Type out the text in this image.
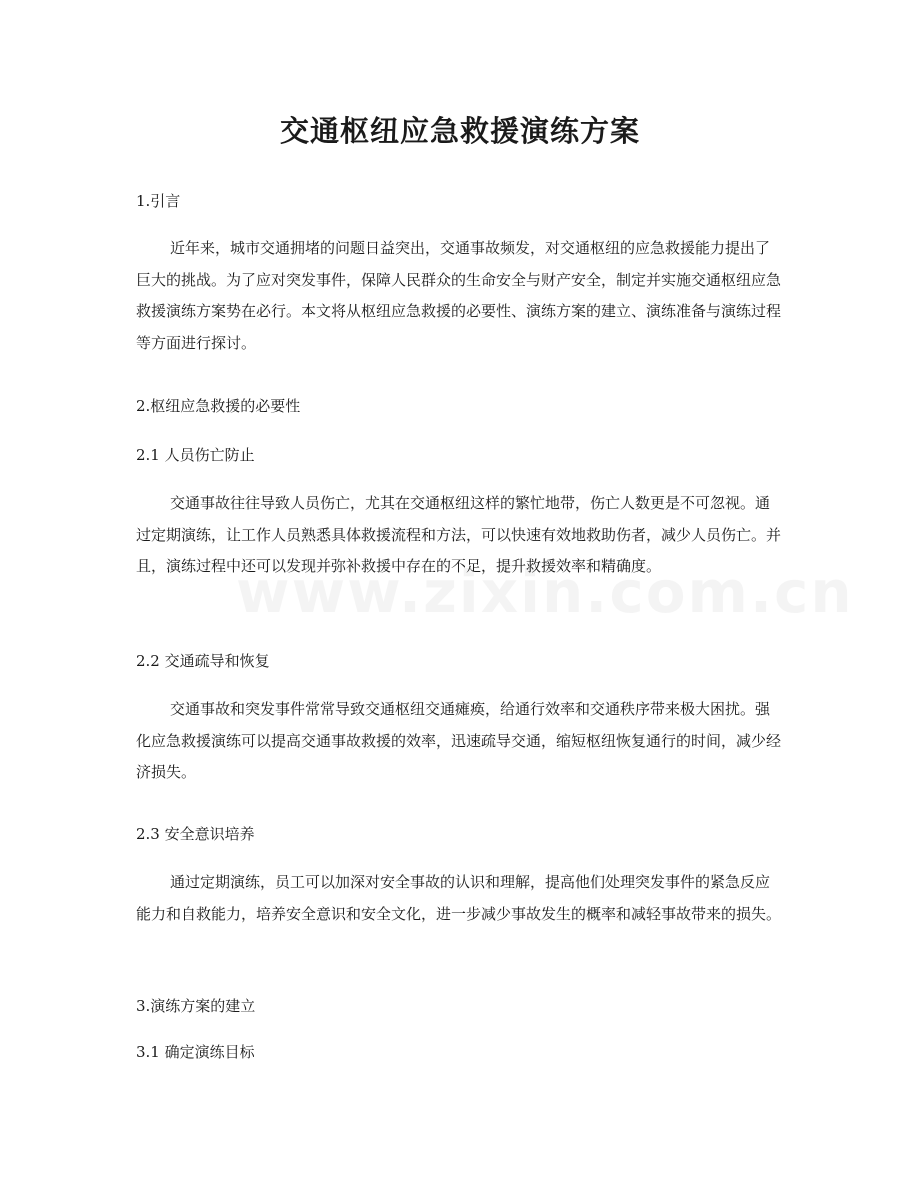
交通枢纽应急救援演练方案
1.引言
近年来，城市交通拥堵的问题日益突出，交通事故频发，对交通枢纽的应急救援能力提出了巨大的挑战。为了应对突发事件，保障人民群众的生命安全与财产安全，制定并实施交通枢纽应急救援演练方案势在必行。本文将从枢纽应急救援的必要性、演练方案的建立、演练准备与演练过程等方面进行探讨。
2.枢纽应急救援的必要性
2.1 人员伤亡防止
交通事故往往导致人员伤亡，尤其在交通枢纽这样的繁忙地带，伤亡人数更是不可忽视。通过定期演练，让工作人员熟悉具体救援流程和方法，可以快速有效地救助伤者，减少人员伤亡。并且，演练过程中还可以发现并弥补救援中存在的不足，提升救援效率和精确度。
2.2 交通疏导和恢复
交通事故和突发事件常常导致交通枢纽交通瘫痪，给通行效率和交通秩序带来极大困扰。强化应急救援演练可以提高交通事故救援的效率，迅速疏导交通，缩短枢纽恢复通行的时间，减少经济损失。
2.3 安全意识培养
通过定期演练，员工可以加深对安全事故的认识和理解，提高他们处理突发事件的紧急反应能力和自救能力，培养安全意识和安全文化，进一步减少事故发生的概率和减轻事故带来的损失。
3.演练方案的建立
3.1 确定演练目标
